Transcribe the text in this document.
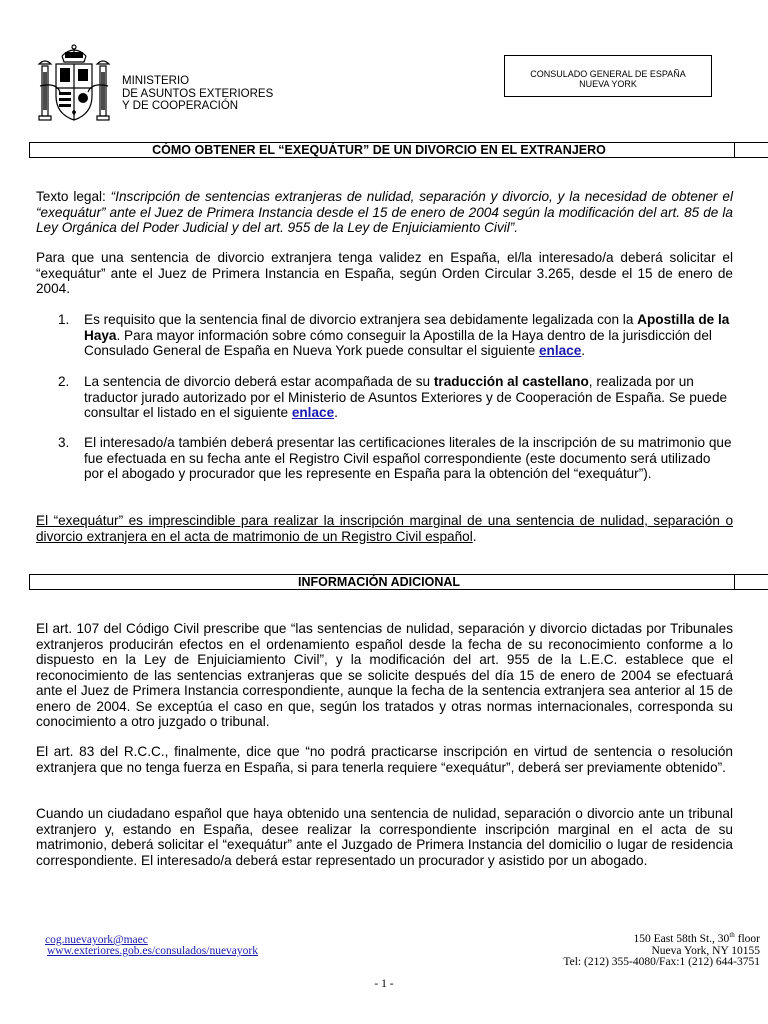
MINISTERIO
DE ASUNTOS EXTERIORES
Y DE COOPERACIÓN
CONSULADO GENERAL DE ESPAÑA
NUEVA YORK
CÓMO OBTENER EL “EXEQUÁTUR” DE UN DIVORCIO EN EL EXTRANJERO
Texto legal: “Inscripción de sentencias extranjeras de nulidad, separación y divorcio, y la necesidad de obtener el “exequátur” ante el Juez de Primera Instancia desde el 15 de enero de 2004 según la modificación del art. 85 de la Ley Orgánica del Poder Judicial y del art. 955 de la Ley de Enjuiciamiento Civil”.
Para que una sentencia de divorcio extranjera tenga validez en España, el/la interesado/a deberá solicitar el “exequátur” ante el Juez de Primera Instancia en España, según Orden Circular 3.265, desde el 15 de enero de 2004.
1. Es requisito que la sentencia final de divorcio extranjera sea debidamente legalizada con la Apostilla de la Haya. Para mayor información sobre cómo conseguir la Apostilla de la Haya dentro de la jurisdicción del Consulado General de España en Nueva York puede consultar el siguiente enlace.
2. La sentencia de divorcio deberá estar acompañada de su traducción al castellano, realizada por un traductor jurado autorizado por el Ministerio de Asuntos Exteriores y de Cooperación de España. Se puede consultar el listado en el siguiente enlace.
3. El interesado/a también deberá presentar las certificaciones literales de la inscripción de su matrimonio que fue efectuada en su fecha ante el Registro Civil español correspondiente (este documento será utilizado por el abogado y procurador que les represente en España para la obtención del “exequátur”).
El “exequátur” es imprescindible para realizar la inscripción marginal de una sentencia de nulidad, separación o divorcio extranjera en el acta de matrimonio de un Registro Civil español.
INFORMACIÓN ADICIONAL
El art. 107 del Código Civil prescribe que “las sentencias de nulidad, separación y divorcio dictadas por Tribunales extranjeros producirán efectos en el ordenamiento español desde la fecha de su reconocimiento conforme a lo dispuesto en la Ley de Enjuiciamiento Civil”, y la modificación del art. 955 de la L.E.C. establece que el reconocimiento de las sentencias extranjeras que se solicite después del día 15 de enero de 2004 se efectuará ante el Juez de Primera Instancia correspondiente, aunque la fecha de la sentencia extranjera sea anterior al 15 de enero de 2004. Se exceptúa el caso en que, según los tratados y otras normas internacionales, corresponda su conocimiento a otro juzgado o tribunal.
El art. 83 del R.C.C., finalmente, dice que “no podrá practicarse inscripción en virtud de sentencia o resolución extranjera que no tenga fuerza en España, si para tenerla requiere “exequátur”, deberá ser previamente obtenido”.
Cuando un ciudadano español que haya obtenido una sentencia de nulidad, separación o divorcio ante un tribunal extranjero y, estando en España, desee realizar la correspondiente inscripción marginal en el acta de su matrimonio, deberá solicitar el “exequátur” ante el Juzgado de Primera Instancia del domicilio o lugar de residencia correspondiente. El interesado/a deberá estar representado un procurador y asistido por un abogado.
cog.nuevayork@maec
www.exteriores.gob.es/consulados/nuevayork
150 East 58th St., 30th floor
Nueva York, NY 10155
Tel: (212) 355-4080/Fax:1 (212) 644-3751
- 1 -
